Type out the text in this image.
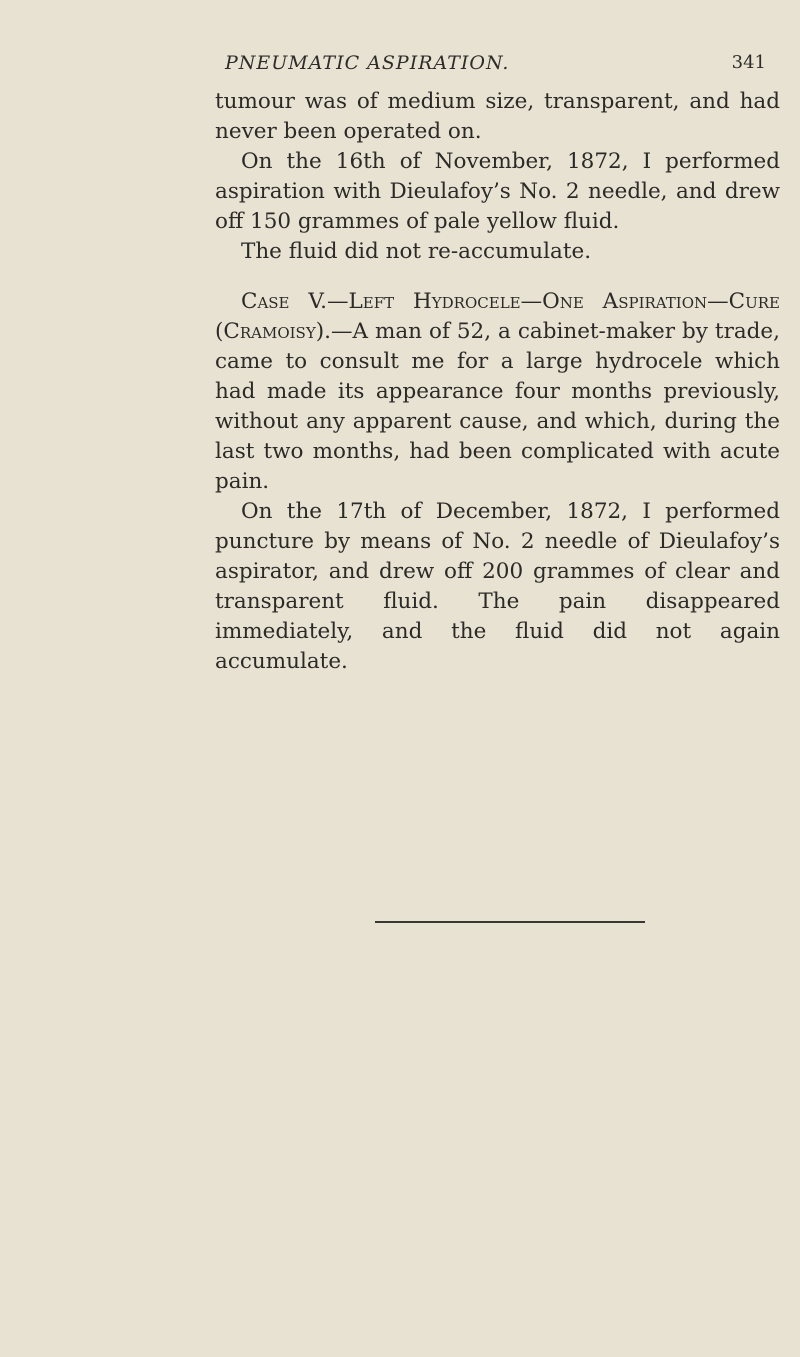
PNEUMATIC ASPIRATION.	341

tumour was of medium size, transparent, and had never been operated on.

On the 16th of November, 1872, I performed aspiration with Dieulafoy’s No. 2 needle, and drew off 150 grammes of pale yellow fluid.

The fluid did not re-accumulate.

Case V.—Left Hydrocele—One Aspiration—Cure (Cramoisy).—A man of 52, a cabinet-maker by trade, came to consult me for a large hydrocele which had made its appearance four months previously, without any apparent cause, and which, during the last two months, had been complicated with acute pain.

On the 17th of December, 1872, I performed puncture by means of No. 2 needle of Dieulafoy’s aspirator, and drew off 200 grammes of clear and transparent fluid. The pain disappeared immediately, and the fluid did not again accumulate.
